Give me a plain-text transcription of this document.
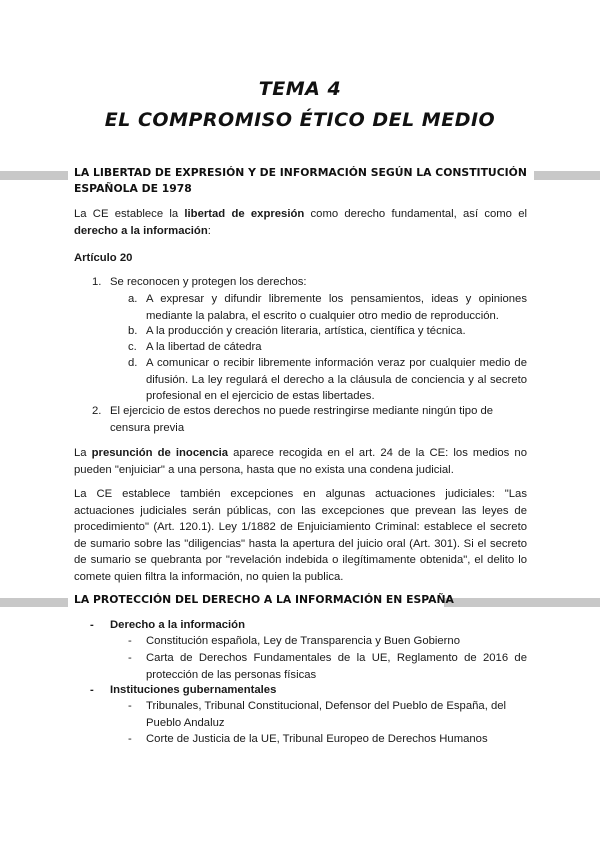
TEMA 4
EL COMPROMISO ÉTICO DEL MEDIO
LA LIBERTAD DE EXPRESIÓN Y DE INFORMACIÓN SEGÚN LA CONSTITUCIÓN ESPAÑOLA DE 1978
La CE establece la libertad de expresión como derecho fundamental, así como el derecho a la información:
Artículo 20
1. Se reconocen y protegen los derechos:
a. A expresar y difundir libremente los pensamientos, ideas y opiniones mediante la palabra, el escrito o cualquier otro medio de reproducción.
b. A la producción y creación literaria, artística, científica y técnica.
c. A la libertad de cátedra
d. A comunicar o recibir libremente información veraz por cualquier medio de difusión. La ley regulará el derecho a la cláusula de conciencia y al secreto profesional en el ejercicio de estas libertades.
2. El ejercicio de estos derechos no puede restringirse mediante ningún tipo de censura previa
La presunción de inocencia aparece recogida en el art. 24 de la CE: los medios no pueden "enjuiciar" a una persona, hasta que no exista una condena judicial.
La CE establece también excepciones en algunas actuaciones judiciales: "Las actuaciones judiciales serán públicas, con las excepciones que prevean las leyes de procedimiento" (Art. 120.1). Ley 1/1882 de Enjuiciamiento Criminal: establece el secreto de sumario sobre las "diligencias" hasta la apertura del juicio oral (Art. 301). Si el secreto de sumario se quebranta por "revelación indebida o ilegítimamente obtenida", el delito lo comete quien filtra la información, no quien la publica.
LA PROTECCIÓN DEL DERECHO A LA INFORMACIÓN EN ESPAÑA
- Derecho a la información
- Constitución española, Ley de Transparencia y Buen Gobierno
- Carta de Derechos Fundamentales de la UE, Reglamento de 2016 de protección de las personas físicas
- Instituciones gubernamentales
- Tribunales, Tribunal Constitucional, Defensor del Pueblo de España, del Pueblo Andaluz
- Corte de Justicia de la UE, Tribunal Europeo de Derechos Humanos
